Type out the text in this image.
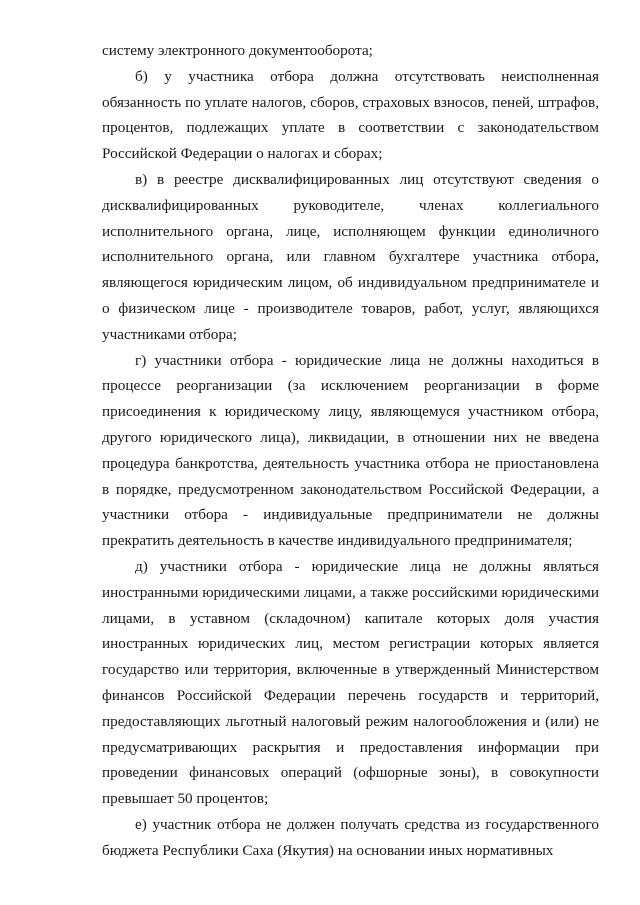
систему электронного документооборота;

б) у участника отбора должна отсутствовать неисполненная обязанность по уплате налогов, сборов, страховых взносов, пеней, штрафов, процентов, подлежащих уплате в соответствии с законодательством Российской Федерации о налогах и сборах;

в) в реестре дисквалифицированных лиц отсутствуют сведения о дисквалифицированных руководителе, членах коллегиального исполнительного органа, лице, исполняющем функции единоличного исполнительного органа, или главном бухгалтере участника отбора, являющегося юридическим лицом, об индивидуальном предпринимателе и о физическом лице - производителе товаров, работ, услуг, являющихся участниками отбора;

г) участники отбора - юридические лица не должны находиться в процессе реорганизации (за исключением реорганизации в форме присоединения к юридическому лицу, являющемуся участником отбора, другого юридического лица), ликвидации, в отношении них не введена процедура банкротства, деятельность участника отбора не приостановлена в порядке, предусмотренном законодательством Российской Федерации, а участники отбора - индивидуальные предприниматели не должны прекратить деятельность в качестве индивидуального предпринимателя;

д) участники отбора - юридические лица не должны являться иностранными юридическими лицами, а также российскими юридическими лицами, в уставном (складочном) капитале которых доля участия иностранных юридических лиц, местом регистрации которых является государство или территория, включенные в утвержденный Министерством финансов Российской Федерации перечень государств и территорий, предоставляющих льготный налоговый режим налогообложения и (или) не предусматривающих раскрытия и предоставления информации при проведении финансовых операций (офшорные зоны), в совокупности превышает 50 процентов;

е) участник отбора не должен получать средства из государственного бюджета Республики Саха (Якутия) на основании иных нормативных
